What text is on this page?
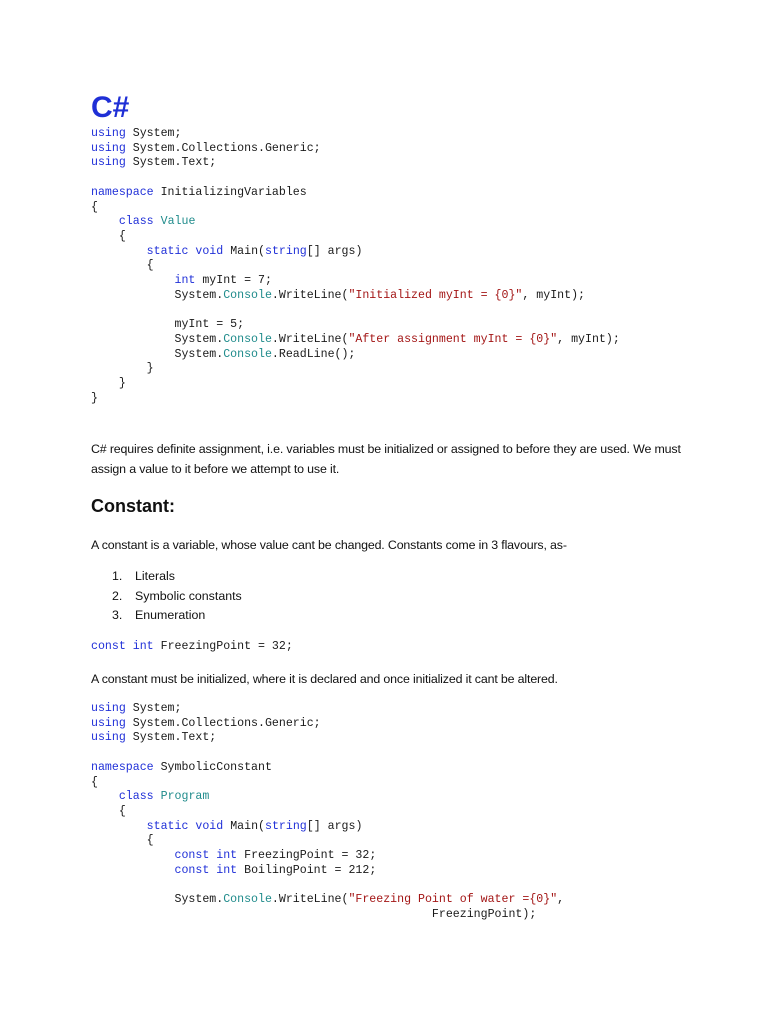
C#
using System;
using System.Collections.Generic;
using System.Text;

namespace InitializingVariables
{
class Value
{
static void Main(string[] args)
{
int myInt = 7;
System.Console.WriteLine("Initialized myInt = {0}", myInt);

myInt = 5;
System.Console.WriteLine("After assignment myInt = {0}", myInt);
System.Console.ReadLine();
}
}
}

C# requires definite assignment, i.e. variables must be initialized or assigned to before they are used. We must assign a value to it before we attempt to use it.

Constant:

A constant is a variable, whose value cant be changed. Constants come in 3 flavours, as-

1. Literals
2. Symbolic constants
3. Enumeration
const int FreezingPoint = 32;

A constant must be initialized, where it is declared and once initialized it cant be altered.

using System;
using System.Collections.Generic;
using System.Text;

namespace SymbolicConstant
{
class Program
{
static void Main(string[] args)
{
const int FreezingPoint = 32;
const int BoilingPoint = 212;

System.Console.WriteLine("Freezing Point of water ={0}",
FreezingPoint);
